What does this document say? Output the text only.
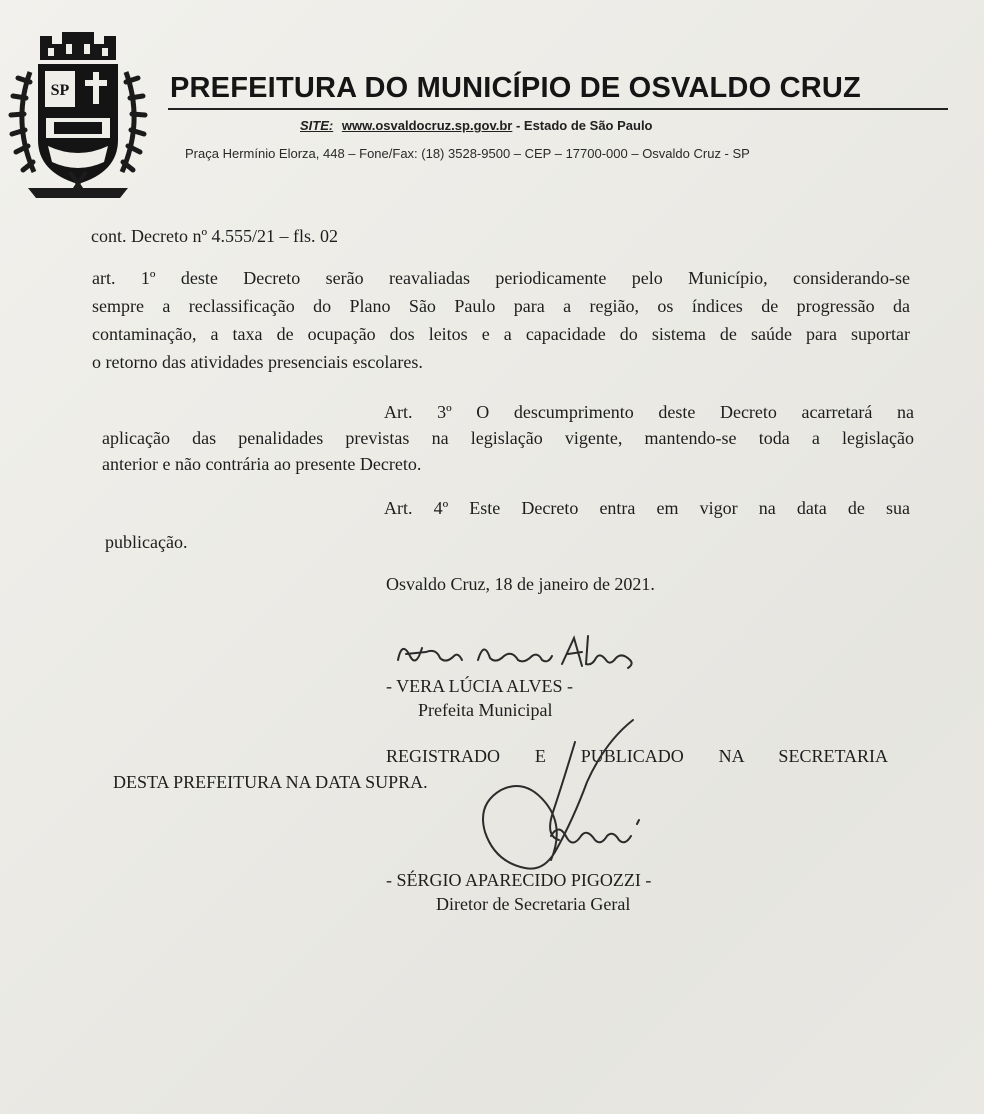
SP	PREFEITURA DO MUNICÍPIO DE OSVALDO CRUZ
SITE: www.osvaldocruz.sp.gov.br - Estado de São Paulo
Praça Hermínio Elorza, 448 – Fone/Fax: (18) 3528-9500 – CEP – 17700-000 – Osvaldo Cruz - SP
cont. Decreto nº 4.555/21 – fls. 02
art. 1º deste Decreto serão reavaliadas periodicamente pelo Município, considerando-se
sempre a reclassificação do Plano São Paulo para a região, os índices de progressão da
contaminação, a taxa de ocupação dos leitos e a capacidade do sistema de saúde para suportar
o retorno das atividades presenciais escolares.
Art. 3º O descumprimento deste Decreto acarretará na
aplicação das penalidades previstas na legislação vigente, mantendo-se toda a legislação
anterior e não contrária ao presente Decreto.
Art. 4º Este Decreto entra em vigor na data de sua
publicação.
Osvaldo Cruz, 18 de janeiro de 2021.
- VERA LÚCIA ALVES -
Prefeita Municipal
REGISTRADO E PUBLICADO NA SECRETARIA
DESTA PREFEITURA NA DATA SUPRA.
- SÉRGIO APARECIDO PIGOZZI -
Diretor de Secretaria Geral
